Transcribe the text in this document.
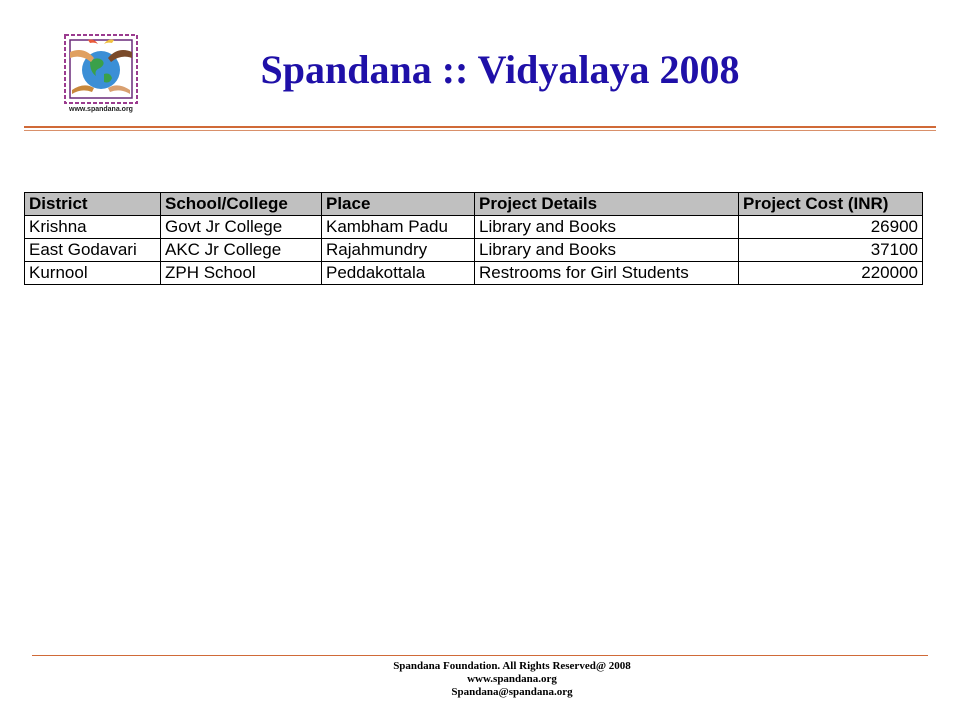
www.spandana.org
Spandana :: Vidyalaya 2008
District	School/College	Place	Project Details	Project Cost (INR)
Krishna	Govt Jr College	Kambham Padu	Library and Books	26900
East Godavari	AKC Jr College	Rajahmundry	Library and Books	37100
Kurnool	ZPH School	Peddakottala	Restrooms for Girl Students	220000
Spandana Foundation. All Rights Reserved@ 2008
www.spandana.org
Spandana@spandana.org
